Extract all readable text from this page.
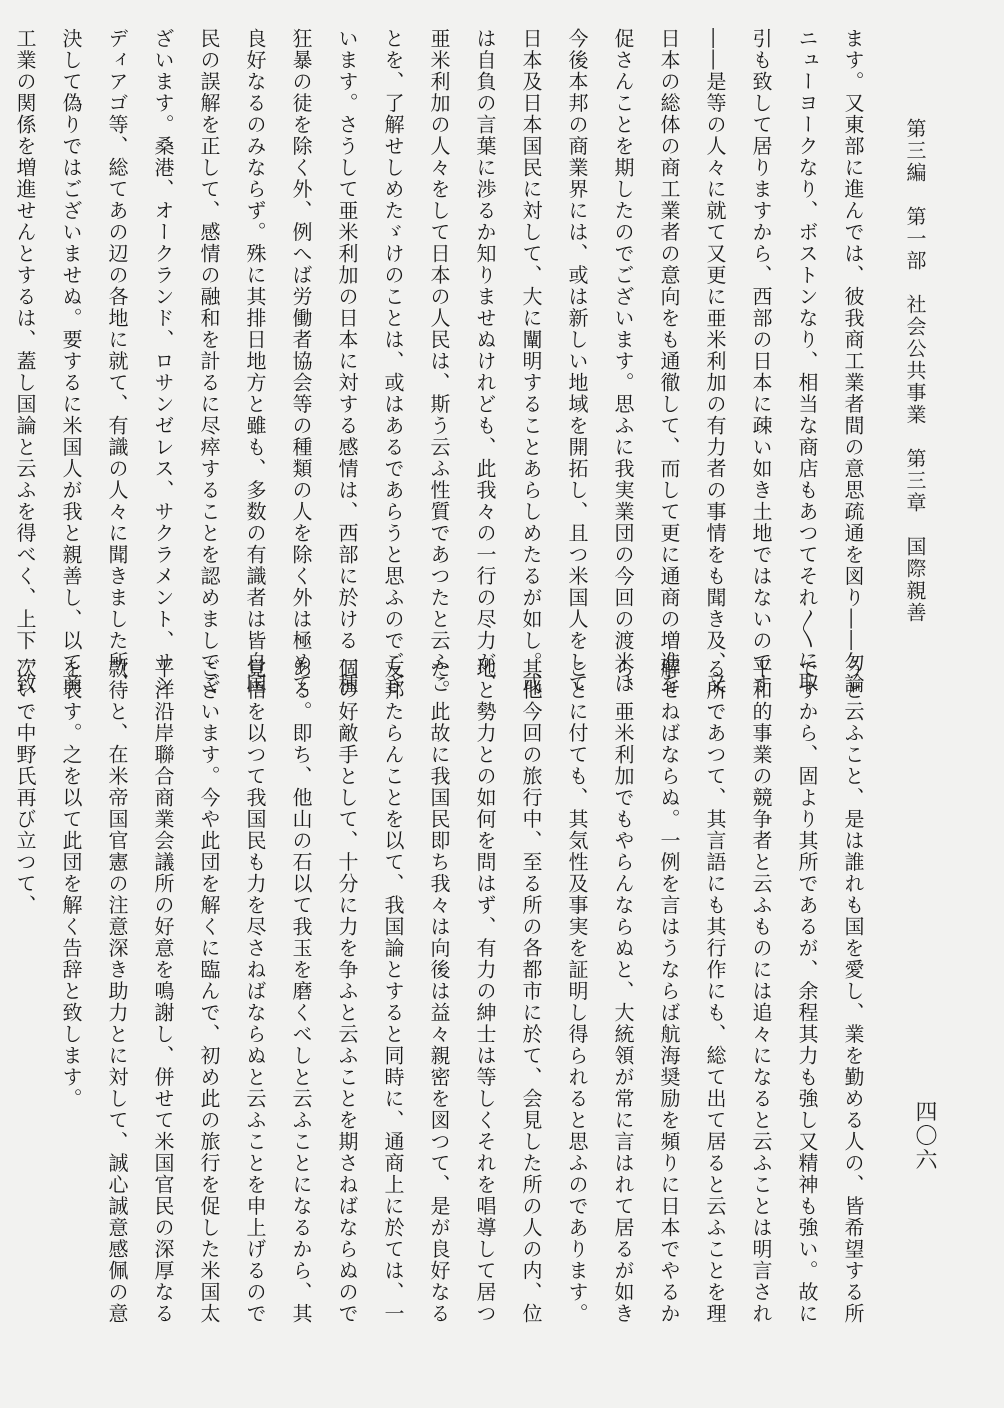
第三編　第一部　社会公共事業　第三章　国際親善
四〇六

ます。又東部に進んでは、彼我商工業者間の意思疏通を図り――勿論

ニューヨークなり、ボストンなり、相当な商店もあつてそれ〳〵に取

引も致して居りますから、西部の日本に疎い如き土地ではないのです

――是等の人々に就て又更に亜米利加の有力者の事情をも聞き及、又

日本の総体の商工業者の意向をも通徹して、而して更に通商の増進を

促さんことを期したのでございます。思ふに我実業団の今回の渡米は

今後本邦の商業界には、或は新しい地域を開拓し、且つ米国人をして

日本及日本国民に対して、大に闡明することあらしめたるが如し。或

は自負の言葉に渉るか知りませぬけれども、此我々の一行の尽力が、

亜米利加の人々をして日本の人民は、斯う云ふ性質であつたと云ふこ

とを、了解せしめたゞけのことは、或はあるであらうと思ふのでござ

います。さうして亜米利加の日本に対する感情は、西部に於ける一種

狂暴の徒を除く外、例へば労働者協会等の種類の人を除く外は極めて

良好なるのみならず。殊に其排日地方と雖も、多数の有識者は皆自国

民の誤解を正して、感情の融和を計るに尽瘁することを認めましてご

ざいます。桑港、オークランド、ロサンゼレス、サクラメント、サン

ディアゴ等、総てあの辺の各地に就て、有識の人々に聞きました所、

決して偽りではございませぬ。要するに米国人が我と親善し、以て商

工業の関係を増進せんとするは、蓋し国論と云ふを得べく、上下一致

うと云ふこと、是は誰れも国を愛し、業を勤める人の、皆希望する所

ですから、固より其所であるが、余程其力も強し又精神も強い。故に

平和的事業の競争者と云ふものには追々になると云ふことは明言され

る所であつて、其言語にも其行作にも、総て出て居ると云ふことを理

解せねばならぬ。一例を言はうならば航海奨励を頻りに日本でやるか

ら、亜米利加でもやらんならぬと、大統領が常に言はれて居るが如き

ことに付ても、其気性及事実を証明し得られると思ふのであります。

其他今回の旅行中、至る所の各都市に於て、会見した所の人の内、位

地と勢力との如何を問はず、有力の紳士は等しくそれを唱導して居つ

た。此故に我国民即ち我々は向後は益々親密を図つて、是が良好なる

友邦たらんことを以て、我国論とすると同時に、通商上に於ては、一

個の好敵手として、十分に力を争ふと云ふことを期さねばならぬので

ある。即ち、他山の石以て我玉を磨くべしと云ふことになるから、其

覚悟を以つて我国民も力を尽さねばならぬと云ふことを申上げるので

ございます。今や此団を解くに臨んで、初め此の旅行を促した米国太

平洋沿岸聯合商業会議所の好意を鳴謝し、併せて米国官民の深厚なる

款待と、在米帝国官憲の注意深き助力とに対して、誠心誠意感佩の意

を表す。之を以て此団を解く告辞と致します。

次いで中野氏再び立つて、
